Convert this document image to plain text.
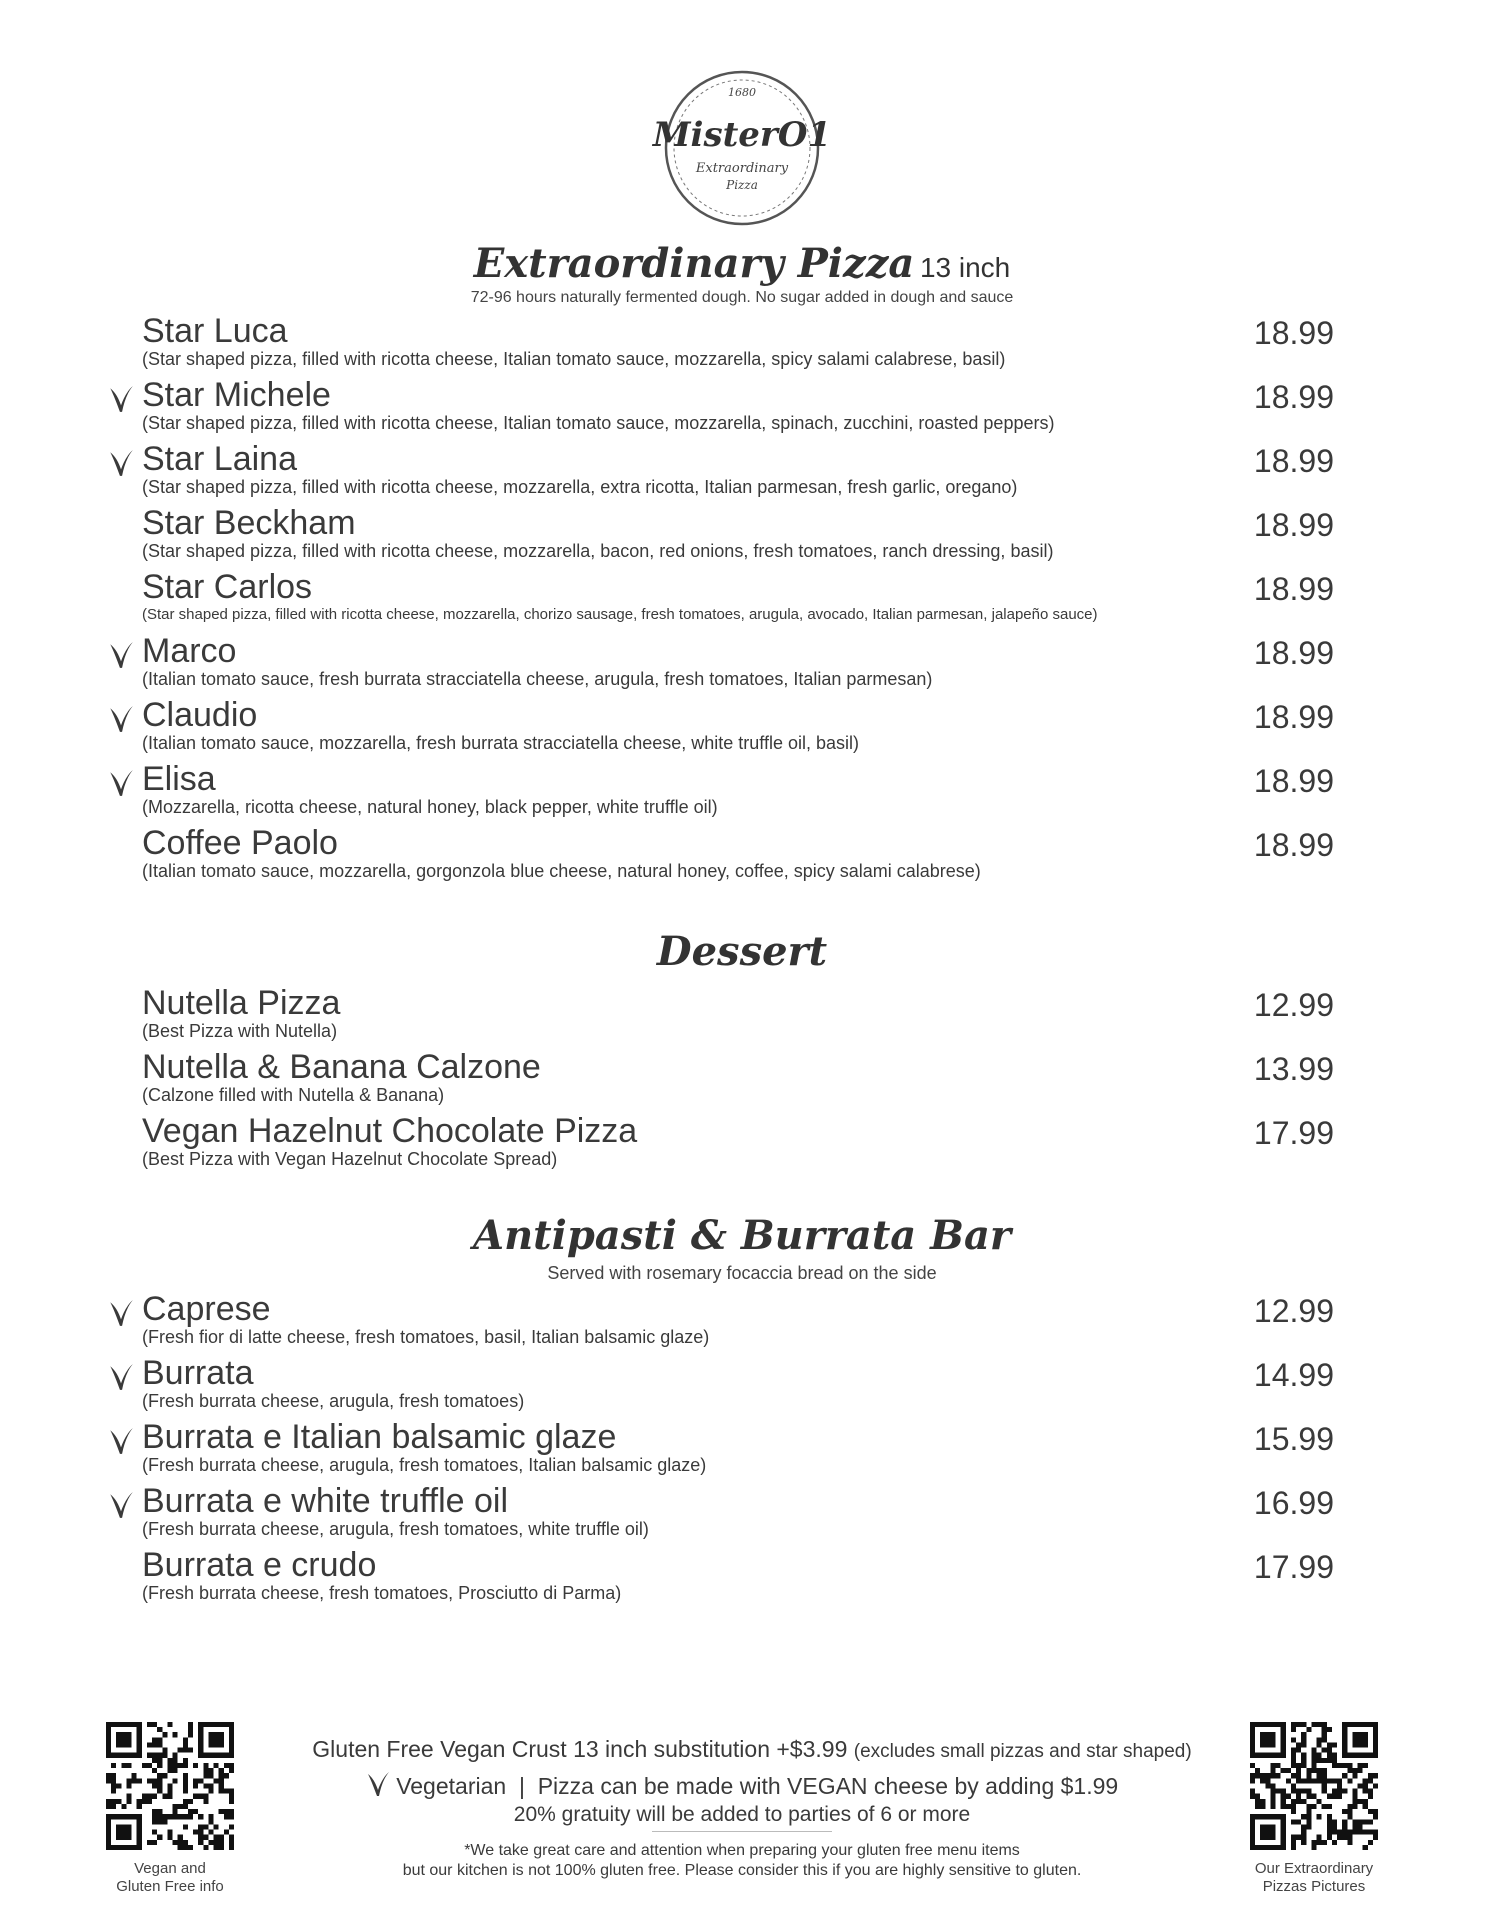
1680
MisterO1
Extraordinary
Pizza
Extraordinary Pizza 13 inch
72-96 hours naturally fermented dough. No sugar added in dough and sauce
Star Luca
(Star shaped pizza, filled with ricotta cheese, Italian tomato sauce, mozzarella, spicy salami calabrese, basil)
18.99
Star Michele
(Star shaped pizza, filled with ricotta cheese, Italian tomato sauce, mozzarella, spinach, zucchini, roasted peppers)
18.99
Star Laina
(Star shaped pizza, filled with ricotta cheese, mozzarella, extra ricotta, Italian parmesan, fresh garlic, oregano)
18.99
Star Beckham
(Star shaped pizza, filled with ricotta cheese, mozzarella, bacon, red onions, fresh tomatoes, ranch dressing, basil)
18.99
Star Carlos
(Star shaped pizza, filled with ricotta cheese, mozzarella, chorizo sausage, fresh tomatoes, arugula, avocado, Italian parmesan, jalapeño sauce)
18.99
Marco
(Italian tomato sauce, fresh burrata stracciatella cheese, arugula, fresh tomatoes, Italian parmesan)
18.99
Claudio
(Italian tomato sauce, mozzarella, fresh burrata stracciatella cheese, white truffle oil, basil)
18.99
Elisa
(Mozzarella, ricotta cheese, natural honey, black pepper, white truffle oil)
18.99
Coffee Paolo
(Italian tomato sauce, mozzarella, gorgonzola blue cheese, natural honey, coffee, spicy salami calabrese)
18.99
Dessert
Nutella Pizza
(Best Pizza with Nutella)
12.99
Nutella & Banana Calzone
(Calzone filled with Nutella & Banana)
13.99
Vegan Hazelnut Chocolate Pizza
(Best Pizza with Vegan Hazelnut Chocolate Spread)
17.99
Antipasti & Burrata Bar
Served with rosemary focaccia bread on the side
Caprese
(Fresh fior di latte cheese, fresh tomatoes, basil, Italian balsamic glaze)
12.99
Burrata
(Fresh burrata cheese, arugula, fresh tomatoes)
14.99
Burrata e Italian balsamic glaze
(Fresh burrata cheese, arugula, fresh tomatoes, Italian balsamic glaze)
15.99
Burrata e white truffle oil
(Fresh burrata cheese, arugula, fresh tomatoes, white truffle oil)
16.99
Burrata e crudo
(Fresh burrata cheese, fresh tomatoes, Prosciutto di Parma)
17.99
Vegan and
Gluten Free info
Our Extraordinary
Pizzas Pictures
Gluten Free Vegan Crust 13 inch substitution +$3.99 (excludes small pizzas and star shaped)
Vegetarian | Pizza can be made with VEGAN cheese by adding $1.99
20% gratuity will be added to parties of 6 or more
*We take great care and attention when preparing your gluten free menu items
but our kitchen is not 100% gluten free. Please consider this if you are highly sensitive to gluten.
